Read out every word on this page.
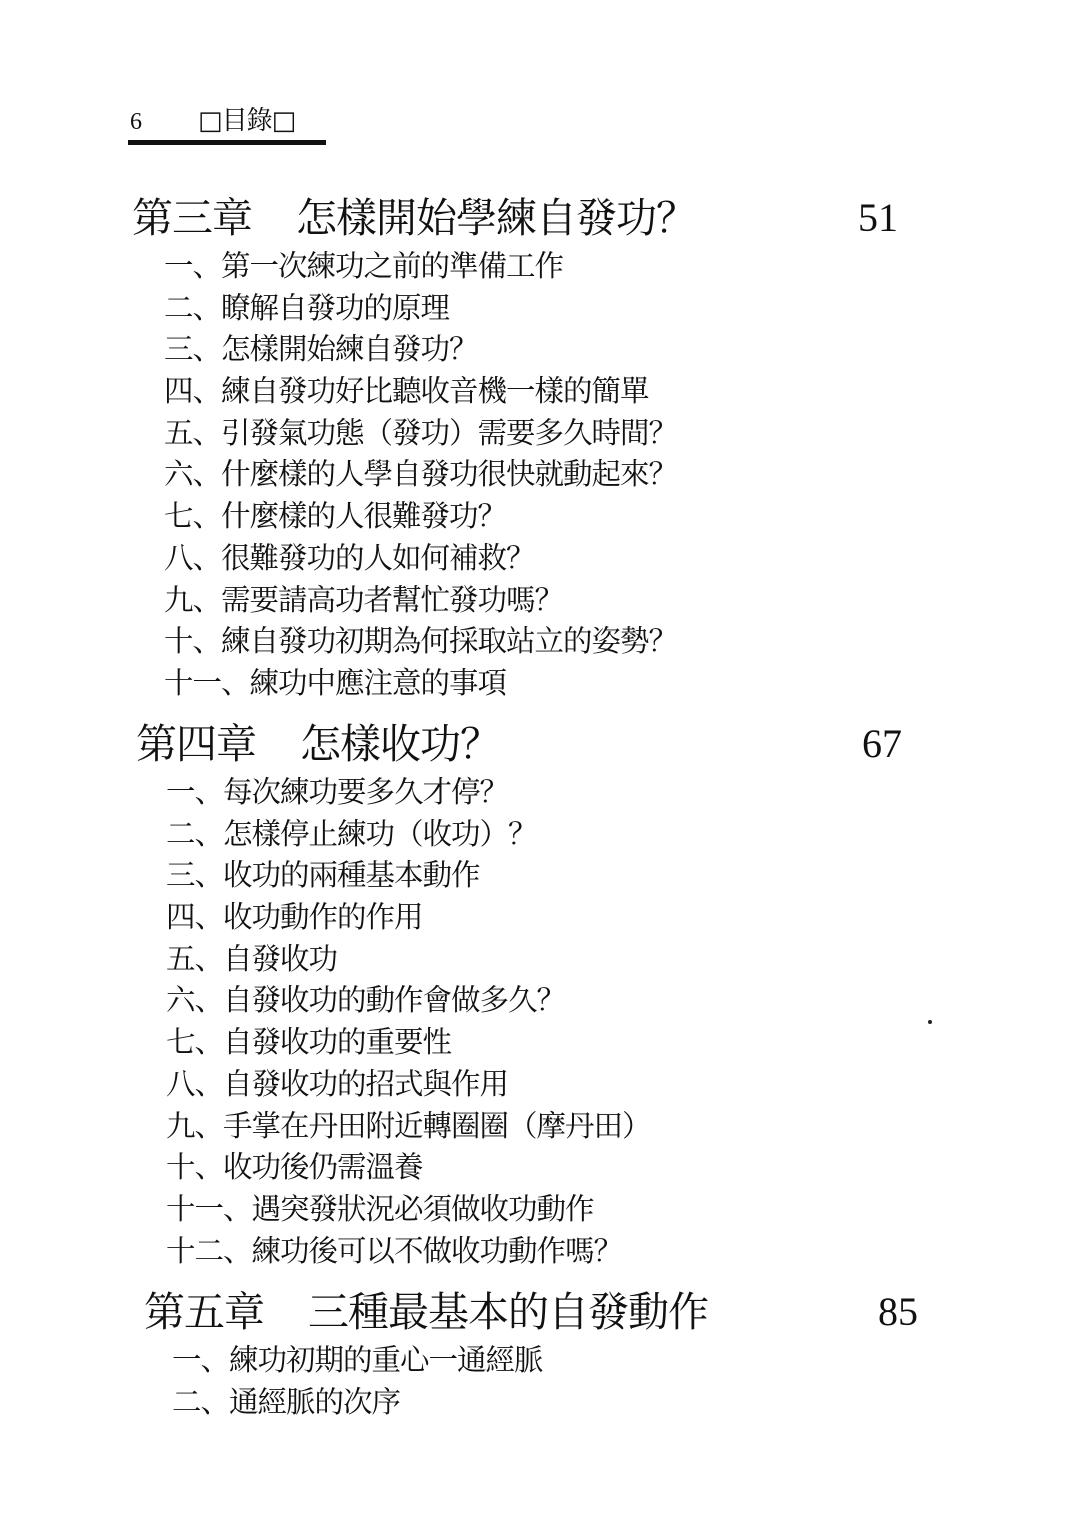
6 □目錄□
第三章 怎樣開始學練自發功？	51
一、第一次練功之前的準備工作
二、瞭解自發功的原理
三、怎樣開始練自發功？
四、練自發功好比聽收音機一樣的簡單
五、引發氣功態（發功）需要多久時間？
六、什麼樣的人學自發功很快就動起來？
七、什麼樣的人很難發功？
八、很難發功的人如何補救？
九、需要請高功者幫忙發功嗎？
十、練自發功初期為何採取站立的姿勢？
十一、練功中應注意的事項
第四章 怎樣收功？	67
一、每次練功要多久才停？
二、怎樣停止練功（收功）？
三、收功的兩種基本動作
四、收功動作的作用
五、自發收功
六、自發收功的動作會做多久？
七、自發收功的重要性
八、自發收功的招式與作用
九、手掌在丹田附近轉圈圈（摩丹田）
十、收功後仍需溫養
十一、遇突發狀況必須做收功動作
十二、練功後可以不做收功動作嗎？
第五章 三種最基本的自發動作	85
一、練功初期的重心一通經脈
二、通經脈的次序
